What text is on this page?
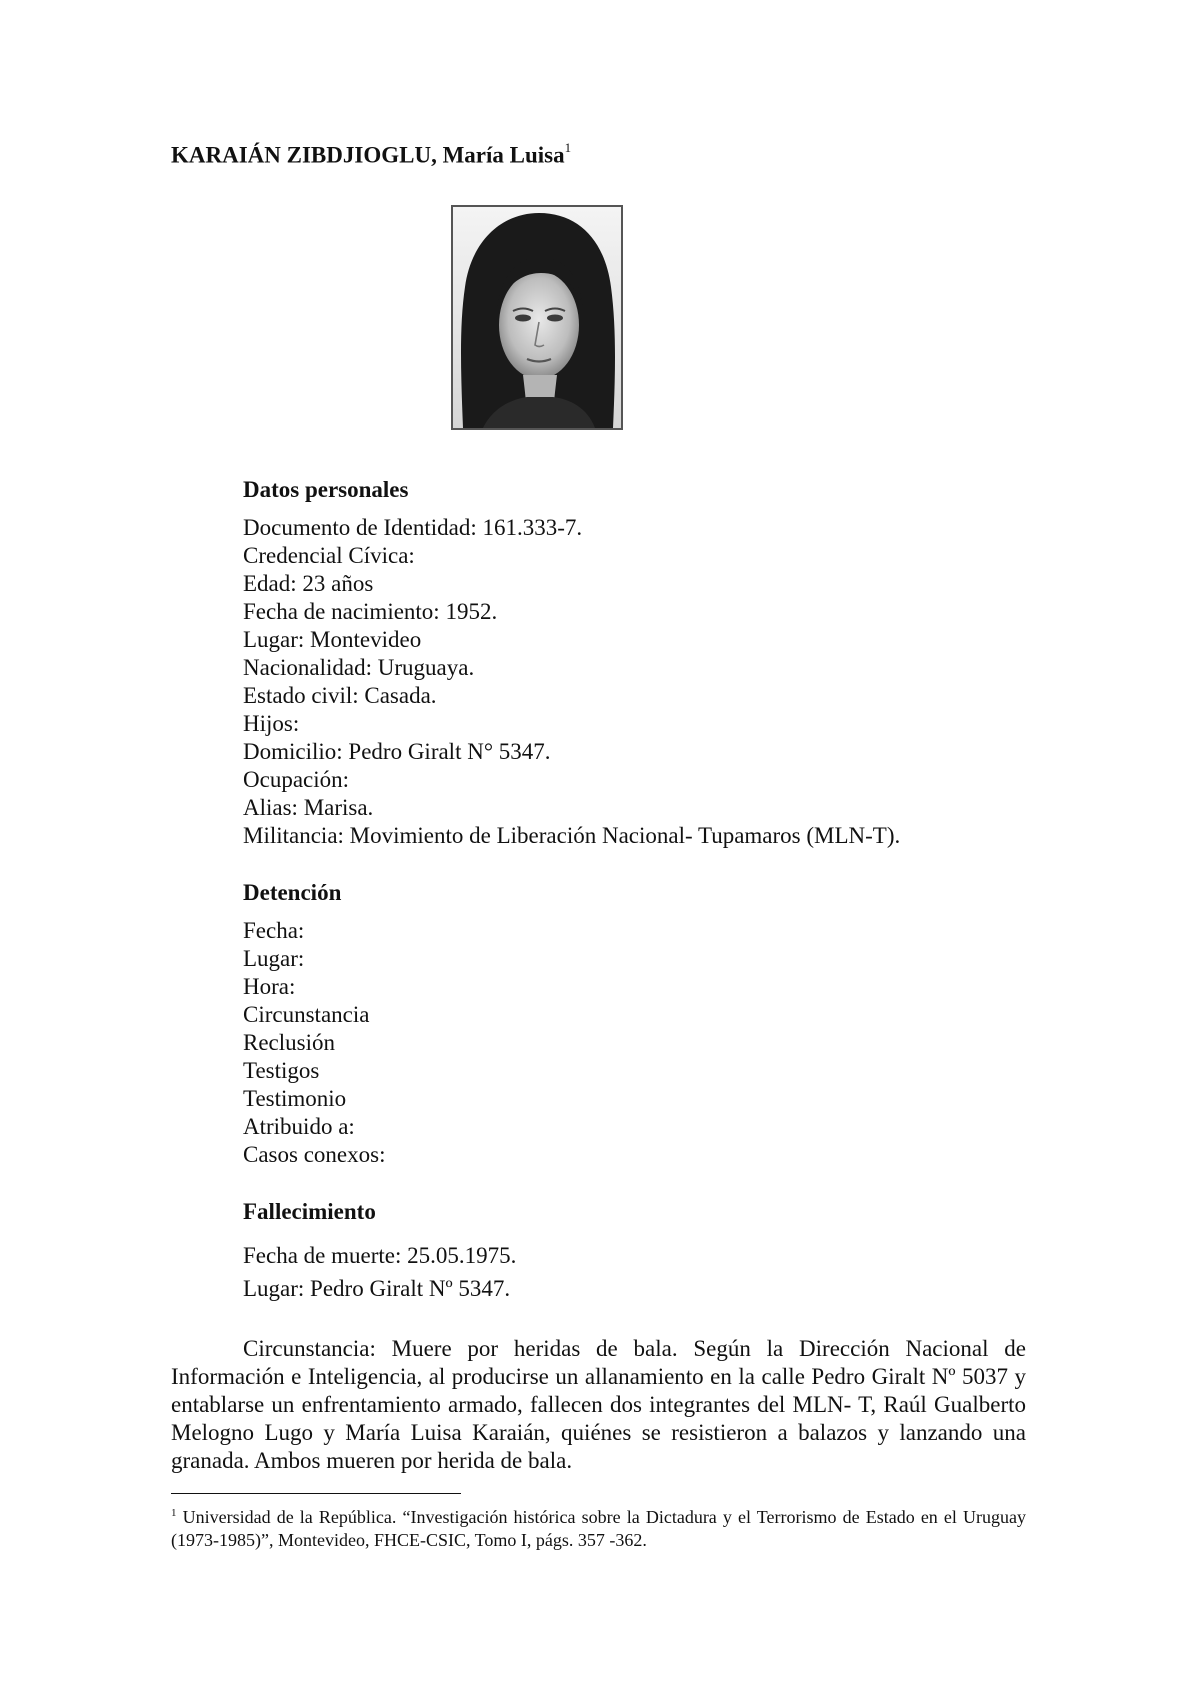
KARAIÁN ZIBDJIOGLU, María Luisa$^1$
Datos personales
Documento de Identidad: 161.333-7.
Credencial Cívica:
Edad: 23 años
Fecha de nacimiento: 1952.
Lugar: Montevideo
Nacionalidad: Uruguaya.
Estado civil: Casada.
Hijos:
Domicilio: Pedro Giralt N° 5347.
Ocupación:
Alias: Marisa.
Militancia: Movimiento de Liberación Nacional- Tupamaros (MLN-T).
Detención
Fecha:
Lugar:
Hora:
Circunstancia
Reclusión
Testigos
Testimonio
Atribuido a:
Casos conexos:
Fallecimiento
Fecha de muerte: 25.05.1975.
Lugar: Pedro Giralt Nº 5347.

Circunstancia: Muere por heridas de bala. Según la Dirección Nacional de Información e Inteligencia, al producirse un allanamiento en la calle Pedro Giralt Nº 5037 y entablarse un enfrentamiento armado, fallecen dos integrantes del MLN- T, Raúl Gualberto Melogno Lugo y María Luisa Karaián, quiénes se resistieron a balazos y lanzando una granada. Ambos mueren por herida de bala.

$^1$ Universidad de la República. “Investigación histórica sobre la Dictadura y el Terrorismo de Estado en el Uruguay (1973-1985)”, Montevideo, FHCE-CSIC, Tomo I, págs. 357 -362.
